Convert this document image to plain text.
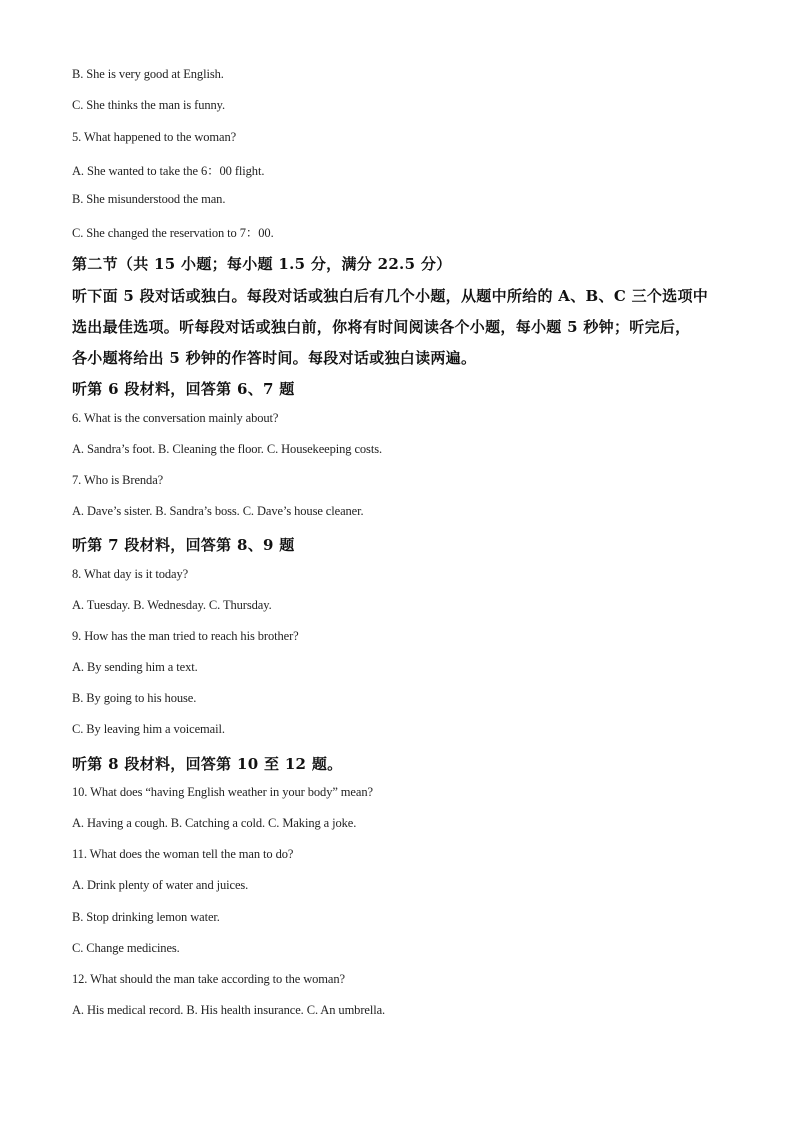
B. She is very good at English.
C. She thinks the man is funny.
5. What happened to the woman?
A. She wanted to take the 6：00 flight.
B. She misunderstood the man.
C. She changed the reservation to 7：00.
第二节（共 15 小题；每小题 1.5 分，满分 22.5 分）
听下面 5 段对话或独白。每段对话或独白后有几个小题，从题中所给的 A、B、C 三个选项中
选出最佳选项。听每段对话或独白前，你将有时间阅读各个小题，每小题 5 秒钟；听完后，
各小题将给出 5 秒钟的作答时间。每段对话或独白读两遍。
听第 6 段材料，回答第 6、7 题
6. What is the conversation mainly about?
A. Sandra’s foot. B. Cleaning the floor. C. Housekeeping costs.
7. Who is Brenda?
A. Dave’s sister. B. Sandra’s boss. C. Dave’s house cleaner.
听第 7 段材料，回答第 8、9 题
8. What day is it today?
A. Tuesday. B. Wednesday. C. Thursday.
9. How has the man tried to reach his brother?
A. By sending him a text.
B. By going to his house.
C. By leaving him a voicemail.
听第 8 段材料，回答第 10 至 12 题。
10. What does “having English weather in your body” mean?
A. Having a cough. B. Catching a cold. C. Making a joke.
11. What does the woman tell the man to do?
A. Drink plenty of water and juices.
B. Stop drinking lemon water.
C. Change medicines.
12. What should the man take according to the woman?
A. His medical record. B. His health insurance. C. An umbrella.
